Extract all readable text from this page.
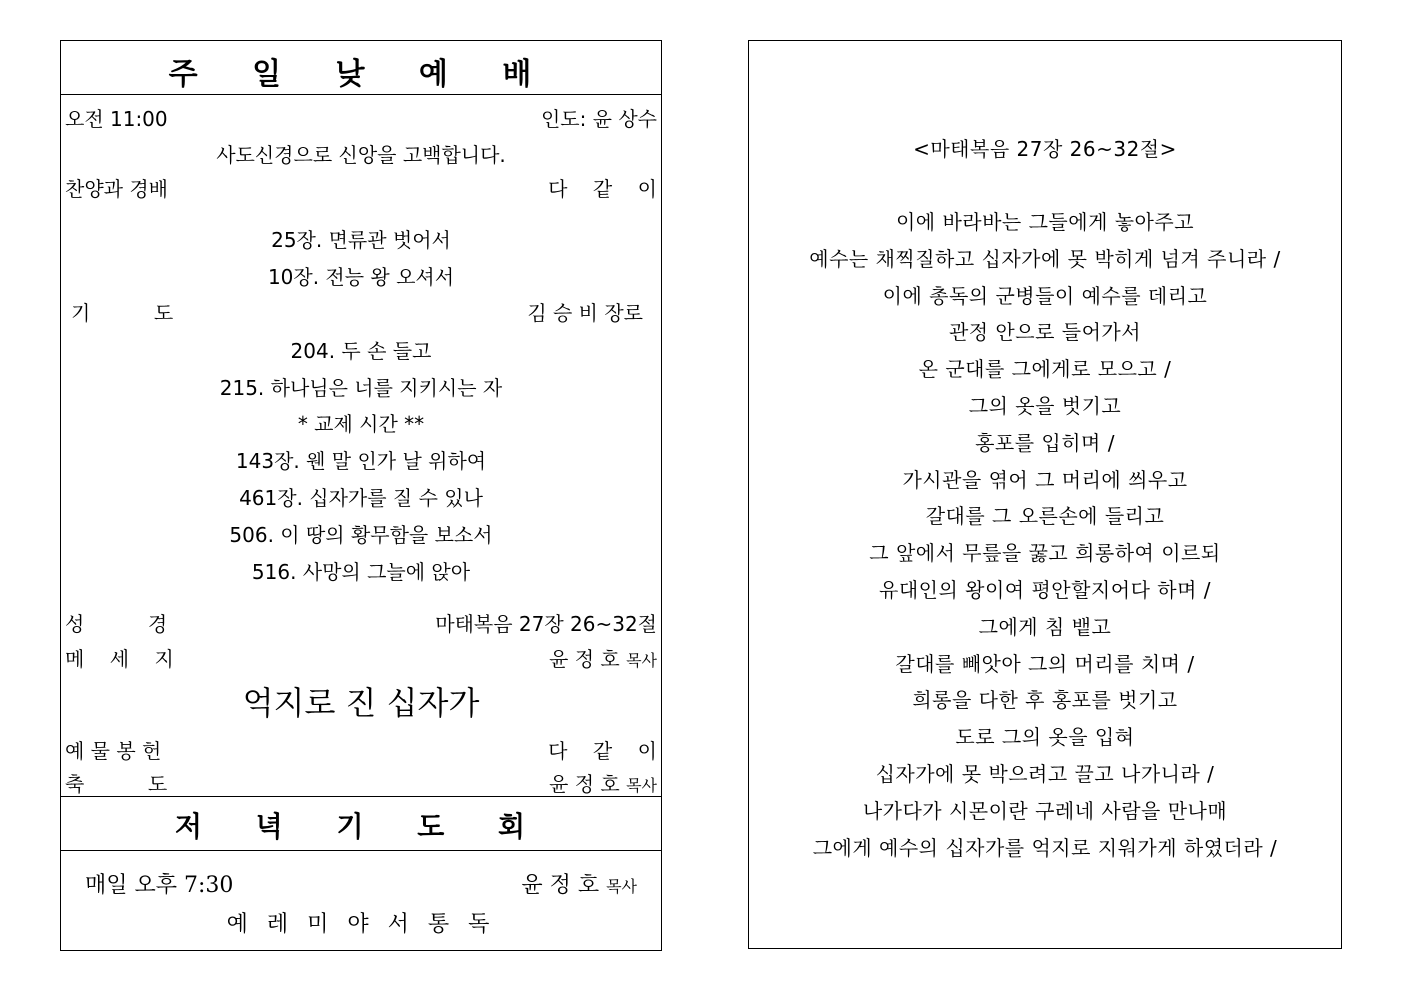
주 일 낮 예 배
오전 11:00	인도: 윤 상수
사도신경으로 신앙을 고백합니다.
찬양과 경배	다    같    이
25장. 면류관 벗어서
10장. 전능 왕 오셔서
기          도	김 승 비 장로
204. 두 손 들고
215. 하나님은 너를 지키시는 자
* 교제 시간 **
143장. 웬 말 인가 날 위하여
461장. 십자가를 질 수 있나
506. 이 땅의 황무함을 보소서
516. 사망의 그늘에 앉아
성          경	마태복음 27장 26~32절
메    세    지	윤 정 호 목사
억지로 진 십자가
예 물 봉 헌	다    같    이
축          도	윤 정 호 목사
저 녁 기 도 회
매일 오후 7:30	윤 정 호 목사
예 레 미 야 서 통 독
<마태복음 27장 26~32절>
이에 바라바는 그들에게 놓아주고
예수는 채찍질하고 십자가에 못 박히게 넘겨 주니라 /
이에 총독의 군병들이 예수를 데리고
관정 안으로 들어가서
온 군대를 그에게로 모으고 /
그의 옷을 벗기고
홍포를 입히며 /
가시관을 엮어 그 머리에 씌우고
갈대를 그 오른손에 들리고
그 앞에서 무릎을 꿇고 희롱하여 이르되
유대인의 왕이여 평안할지어다 하며 /
그에게 침 뱉고
갈대를 빼앗아 그의 머리를 치며 /
희롱을 다한 후 홍포를 벗기고
도로 그의 옷을 입혀
십자가에 못 박으려고 끌고 나가니라 /
나가다가 시몬이란 구레네 사람을 만나매
그에게 예수의 십자가를 억지로 지워가게 하였더라 /
